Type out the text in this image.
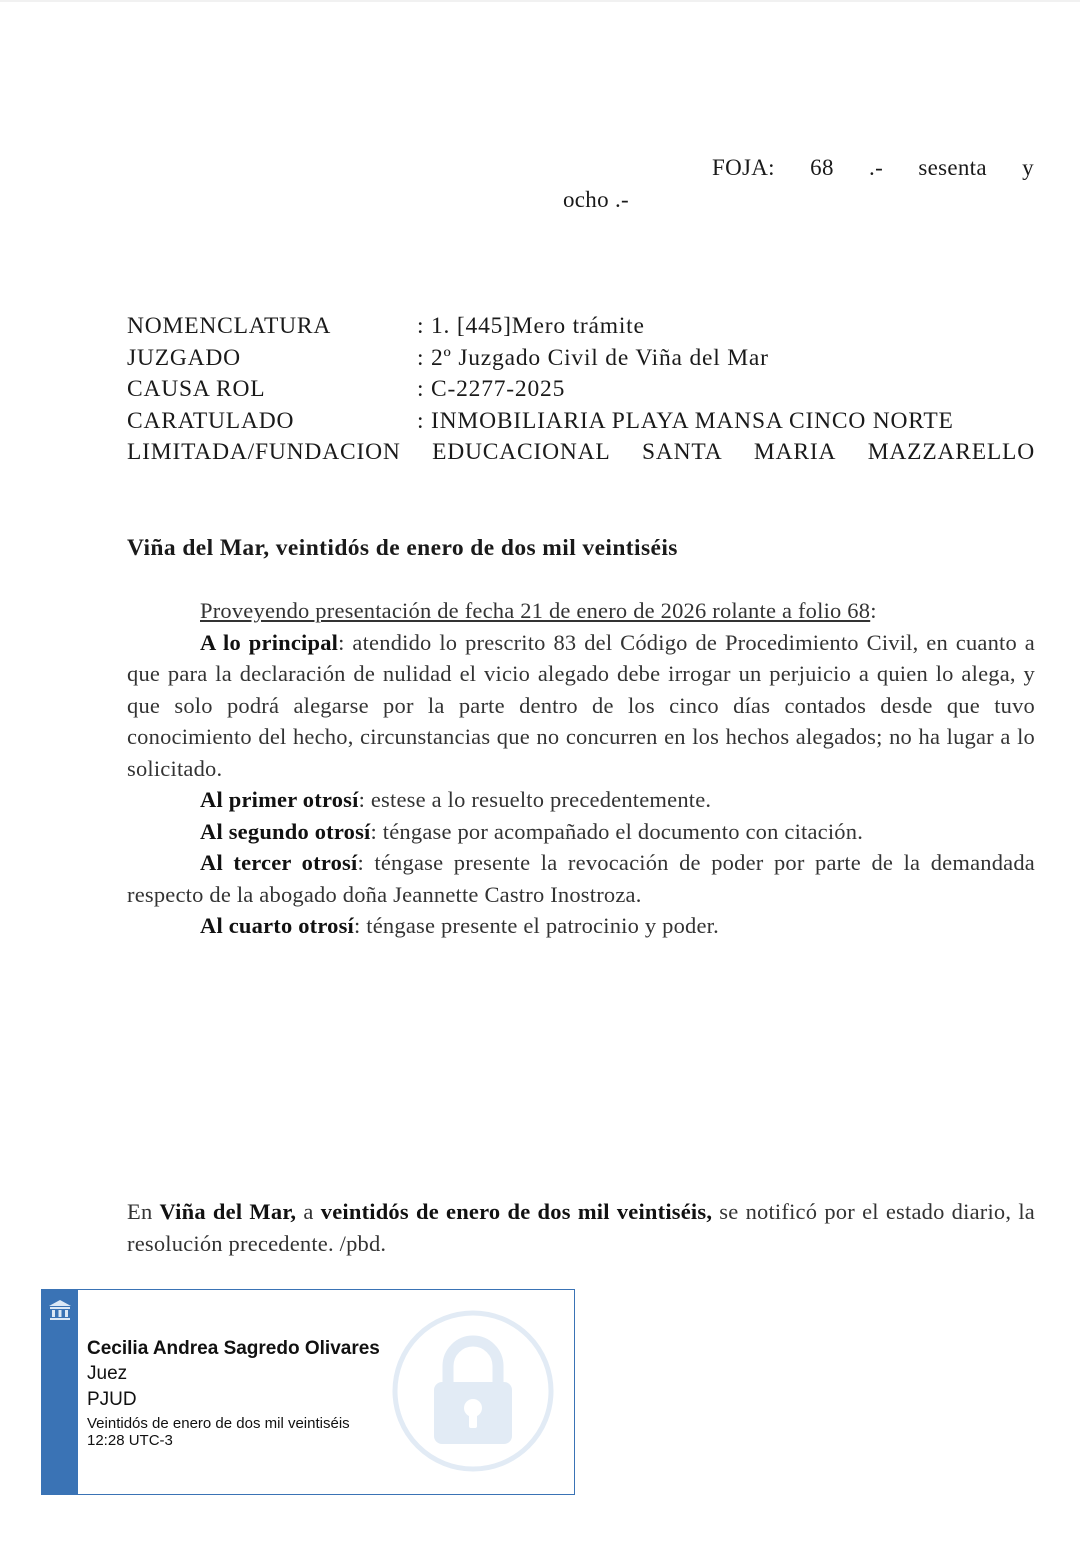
FOJA: 68 .- sesenta y
ocho .-
NOMENCLATURA	: 1. [445]Mero trámite
JUZGADO	: 2º Juzgado Civil de Viña del Mar
CAUSA ROL	: C-2277-2025
CARATULADO	: INMOBILIARIA PLAYA MANSA CINCO NORTE
LIMITADA/FUNDACION EDUCACIONAL SANTA MARIA MAZZARELLO
Viña del Mar, veintidós de enero de dos mil veintiséis

Proveyendo presentación de fecha 21 de enero de 2026 rolante a folio 68:

A lo principal: atendido lo prescrito 83 del Código de Procedimiento Civil, en cuanto a que para la declaración de nulidad el vicio alegado debe irrogar un perjuicio a quien lo alega, y que solo podrá alegarse por la parte dentro de los cinco días contados desde que tuvo conocimiento del hecho, circunstancias que no concurren en los hechos alegados; no ha lugar a lo solicitado.

Al primer otrosí: estese a lo resuelto precedentemente.

Al segundo otrosí: téngase por acompañado el documento con citación.

Al tercer otrosí: téngase presente la revocación de poder por parte de la demandada respecto de la abogado doña Jeannette Castro Inostroza.

Al cuarto otrosí: téngase presente el patrocinio y poder.

En Viña del Mar, a veintidós de enero de dos mil veintiséis, se notificó por el estado diario, la resolución precedente. /pbd.

Cecilia Andrea Sagredo Olivares
Juez
PJUD
Veintidós de enero de dos mil veintiséis
12:28 UTC-3
